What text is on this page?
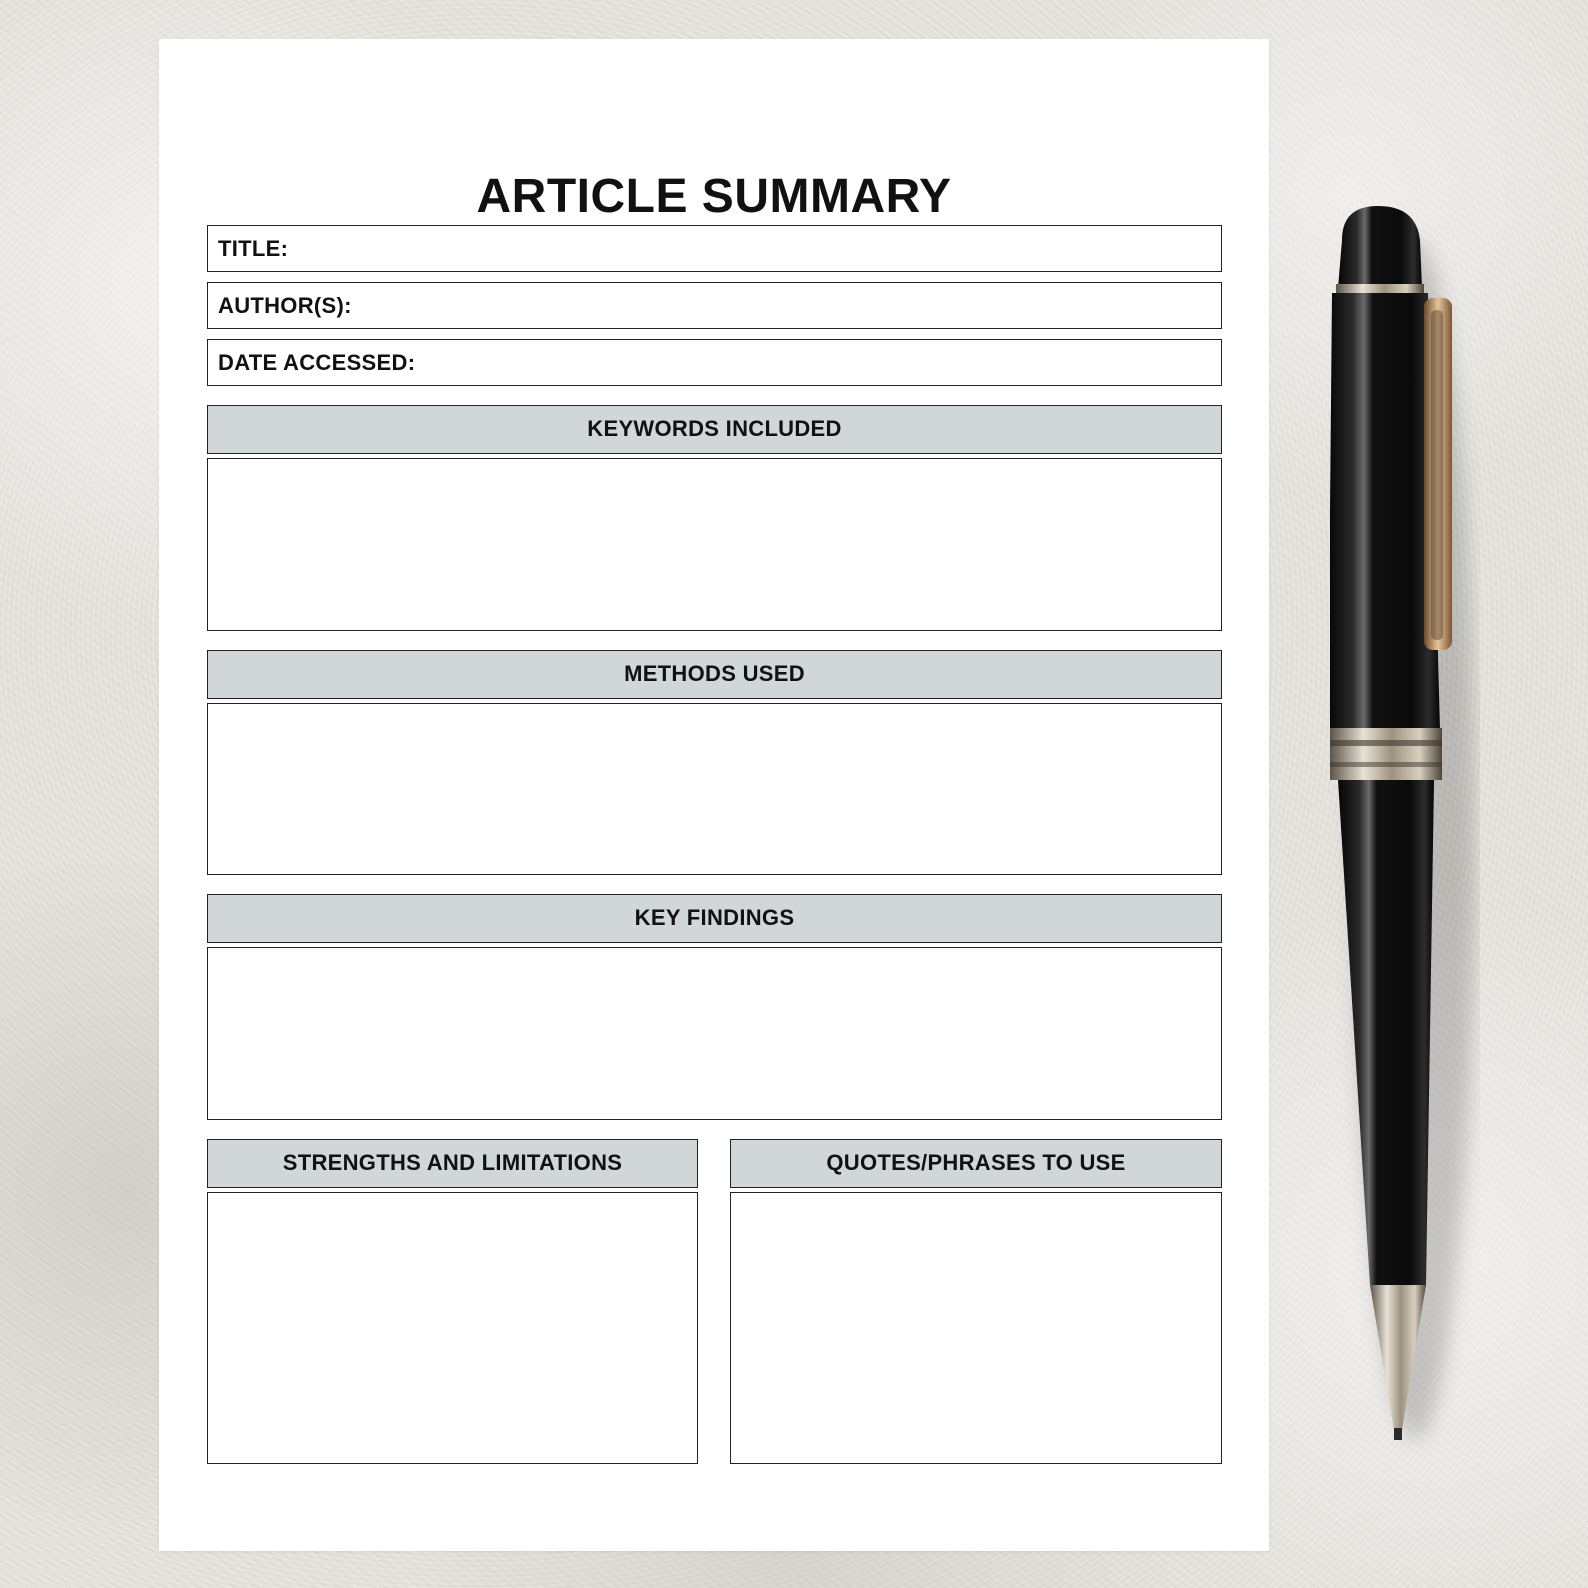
ARTICLE SUMMARY
TITLE:
AUTHOR(S):
DATE ACCESSED:
KEYWORDS INCLUDED
METHODS USED
KEY FINDINGS
STRENGTHS AND LIMITATIONS	QUOTES/PHRASES TO USE
